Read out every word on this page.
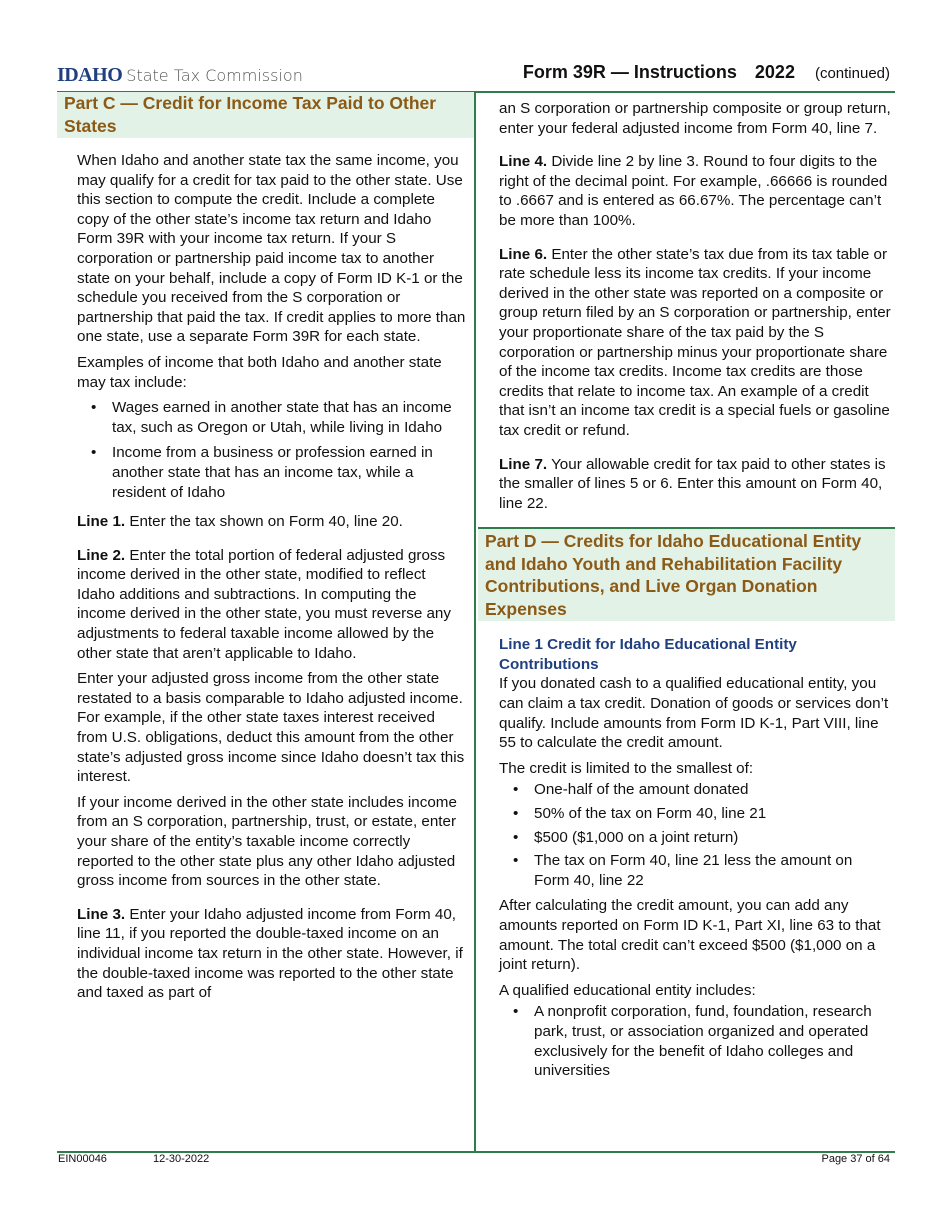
IDAHO State Tax Commission	Form 39R — Instructions 2022 (continued)
Part C — Credit for Income Tax Paid to Other States

When Idaho and another state tax the same income, you may qualify for a credit for tax paid to the other state. Use this section to compute the credit. Include a complete copy of the other state’s income tax return and Idaho Form 39R with your income tax return. If your S corporation or partnership paid income tax to another state on your behalf, include a copy of Form ID K-1 or the schedule you received from the S corporation or partnership that paid the tax. If credit applies to more than one state, use a separate Form 39R for each state.

Examples of income that both Idaho and another state may tax include:

• Wages earned in another state that has an income tax, such as Oregon or Utah, while living in Idaho
• Income from a business or profession earned in another state that has an income tax, while a resident of Idaho

Line 1. Enter the tax shown on Form 40, line 20.

Line 2. Enter the total portion of federal adjusted gross income derived in the other state, modified to reflect Idaho additions and subtractions. In computing the income derived in the other state, you must reverse any adjustments to federal taxable income allowed by the other state that aren’t applicable to Idaho.

Enter your adjusted gross income from the other state restated to a basis comparable to Idaho adjusted income. For example, if the other state taxes interest received from U.S. obligations, deduct this amount from the other state’s adjusted gross income since Idaho doesn’t tax this interest.

If your income derived in the other state includes income from an S corporation, partnership, trust, or estate, enter your share of the entity’s taxable income correctly reported to the other state plus any other Idaho adjusted gross income from sources in the other state.

Line 3. Enter your Idaho adjusted income from Form 40, line 11, if you reported the double-taxed income on an individual income tax return in the other state. However, if the double-taxed income was reported to the other state and taxed as part of

an S corporation or partnership composite or group return, enter your federal adjusted income from Form 40, line 7.

Line 4. Divide line 2 by line 3. Round to four digits to the right of the decimal point. For example, .66666 is rounded to .6667 and is entered as 66.67%. The percentage can’t be more than 100%.

Line 6. Enter the other state’s tax due from its tax table or rate schedule less its income tax credits. If your income derived in the other state was reported on a composite or group return filed by an S corporation or partnership, enter your proportionate share of the tax paid by the S corporation or partnership minus your proportionate share of the income tax credits. Income tax credits are those credits that relate to income tax. An example of a credit that isn’t an income tax credit is a special fuels or gasoline tax credit or refund.

Line 7. Your allowable credit for tax paid to other states is the smaller of lines 5 or 6. Enter this amount on Form 40, line 22.

Part D — Credits for Idaho Educational Entity and Idaho Youth and Rehabilitation Facility Contributions, and Live Organ Donation Expenses

Line 1 Credit for Idaho Educational Entity Contributions

If you donated cash to a qualified educational entity, you can claim a tax credit. Donation of goods or services don’t qualify. Include amounts from Form ID K-1, Part VIII, line 55 to calculate the credit amount.

The credit is limited to the smallest of:

• One-half of the amount donated
• 50% of the tax on Form 40, line 21
• $500 ($1,000 on a joint return)
• The tax on Form 40, line 21 less the amount on Form 40, line 22

After calculating the credit amount, you can add any amounts reported on Form ID K-1, Part XI, line 63 to that amount. The total credit can’t exceed $500 ($1,000 on a joint return).

A qualified educational entity includes:

• A nonprofit corporation, fund, foundation, research park, trust, or association organized and operated exclusively for the benefit of Idaho colleges and universities
EIN00046	12-30-2022	Page 37 of 64
